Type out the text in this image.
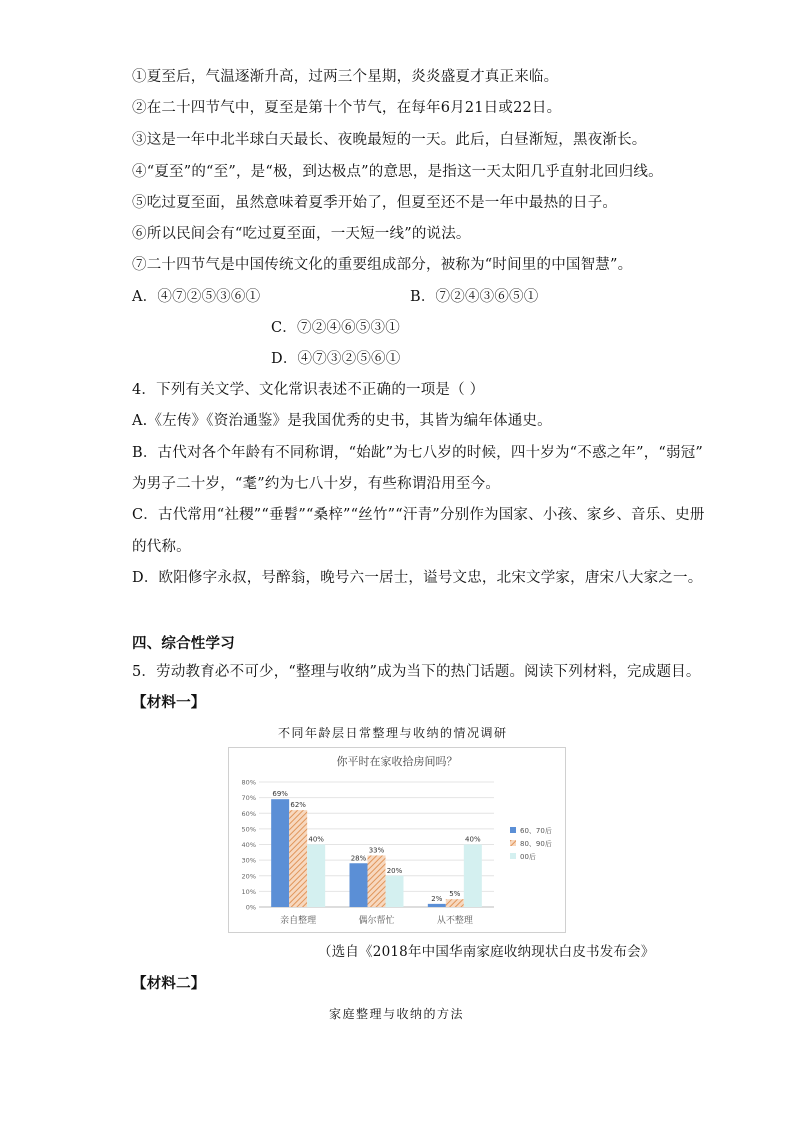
①夏至后，气温逐渐升高，过两三个星期，炎炎盛夏才真正来临。
②在二十四节气中，夏至是第十个节气，在每年6月21日或22日。
③这是一年中北半球白天最长、夜晚最短的一天。此后，白昼渐短，黑夜渐长。
④“夏至”的“至”，是“极，到达极点”的意思，是指这一天太阳几乎直射北回归线。
⑤吃过夏至面，虽然意味着夏季开始了，但夏至还不是一年中最热的日子。
⑥所以民间会有“吃过夏至面，一天短一线”的说法。
⑦二十四节气是中国传统文化的重要组成部分，被称为“时间里的中国智慧”。
A．④⑦②⑤③⑥①	B．⑦②④③⑥⑤①
C．⑦②④⑥⑤③①
D．④⑦③②⑤⑥①
4．下列有关文学、文化常识表述不正确的一项是（ ）
A.《左传》《资治通鉴》是我国优秀的史书，其皆为编年体通史。
B．古代对各个年龄有不同称谓，“始龀”为七八岁的时候，四十岁为“不惑之年”，“弱冠”
为男子二十岁，“耄”约为七八十岁，有些称谓沿用至今。
C．古代常用“社稷”“垂髫”“桑梓”“丝竹”“汗青”分别作为国家、小孩、家乡、音乐、史册
的代称。
D．欧阳修字永叔，号醉翁，晚号六一居士，谥号文忠，北宋文学家，唐宋八大家之一。
四、综合性学习
5．劳动教育必不可少，“整理与收纳”成为当下的热门话题。阅读下列材料，完成题目。
【材料一】
不同年龄层日常整理与收纳的情况调研
你平时在家收拾房间吗？
0%
10%
20%
30%
40%
50%
60%
70%
80%
69%
62%
40%
亲自整理
28%
33%
20%
偶尔帮忙
2%
5%
40%
从不整理
60、70后
80、90后
00后
（选自《2018年中国华南家庭收纳现状白皮书发布会》
【材料二】
家庭整理与收纳的方法
